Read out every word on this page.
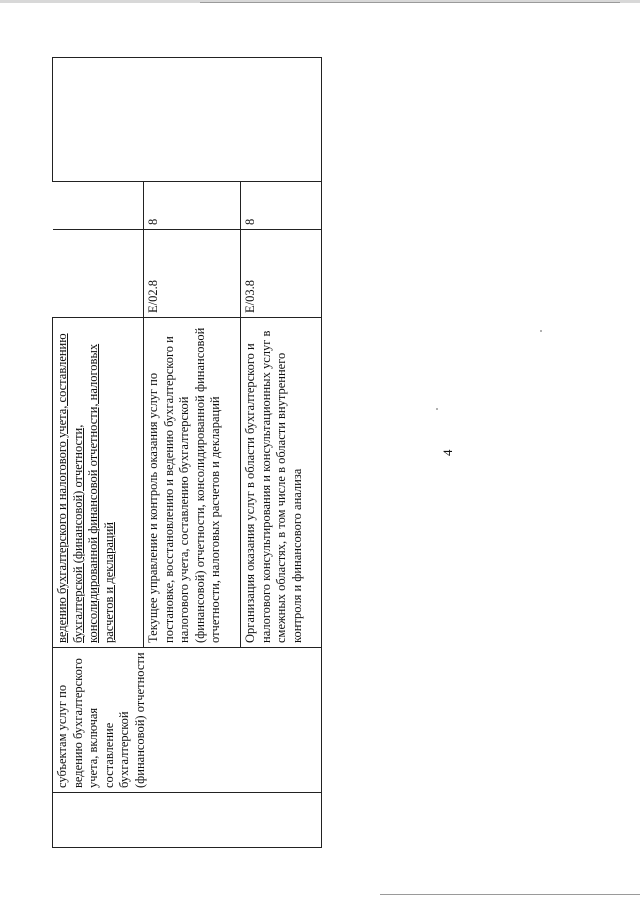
	субъектам услуг по ведению бухгалтерского учета, включая составление бухгалтерской (финансовой) отчетности	ведению бухгалтерского и налогового учета, составлению бухгалтерской (финансовой) отчетности, консолидированной финансовой отчетности, налоговых расчетов и деклараций			
		Текущее управление и контроль оказания услуг по постановке, восстановлению и ведению бухгалтерского и налогового учета, составлению бухгалтерской (финансовой) отчетности, консолидированной финансовой отчетности, налоговых расчетов и деклараций	E/02.8	8	
		Организация оказания услуг в области бухгалтерского и налогового консультирования и консультационных услуг в смежных областях, в том числе в области внутреннего контроля и финансового анализа	E/03.8	8	
4
